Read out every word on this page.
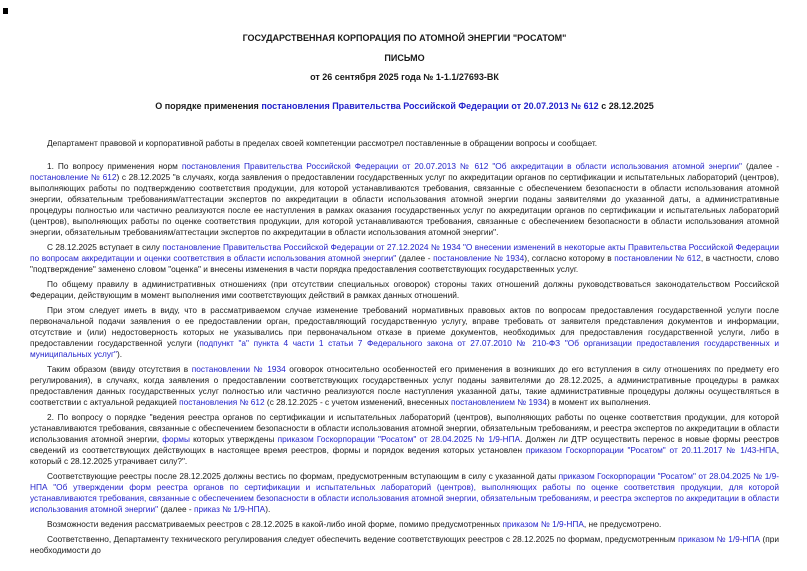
ГОСУДАРСТВЕННАЯ КОРПОРАЦИЯ ПО АТОМНОЙ ЭНЕРГИИ "РОСАТОМ"
ПИСЬМО
от 26 сентября 2025 года № 1-1.1/27693-ВК
О порядке применения постановления Правительства Российской Федерации от 20.07.2013 № 612 с 28.12.2025

Департамент правовой и корпоративной работы в пределах своей компетенции рассмотрел поставленные в обращении вопросы и сообщает.

1. По вопросу применения норм постановления Правительства Российской Федерации от 20.07.2013 № 612 "Об аккредитации в области использования атомной энергии" (далее - постановление № 612) с 28.12.2025 "в случаях, когда заявления о предоставлении государственных услуг по аккредитации органов по сертификации и испытательных лабораторий (центров), выполняющих работы по подтверждению соответствия продукции, для которой устанавливаются требования, связанные с обеспечением безопасности в области использования атомной энергии, обязательным требованиям/аттестации экспертов по аккредитации в области использования атомной энергии поданы заявителями до указанной даты, а административные процедуры полностью или частично реализуются после ее наступления в рамках оказания государственных услуг по аккредитации органов по сертификации и испытательных лабораторий (центров), выполняющих работы по оценке соответствия продукции, для которой устанавливаются требования, связанные с обеспечением безопасности в области использования атомной энергии, обязательным требованиям/аттестации экспертов по аккредитации в области использования атомной энергии".

С 28.12.2025 вступает в силу постановление Правительства Российской Федерации от 27.12.2024 № 1934 "О внесении изменений в некоторые акты Правительства Российской Федерации по вопросам аккредитации и оценки соответствия в области использования атомной энергии" (далее - постановление № 1934), согласно которому в постановлении № 612, в частности, слово "подтверждение" заменено словом "оценка" и внесены изменения в части порядка предоставления соответствующих государственных услуг.

По общему правилу в административных отношениях (при отсутствии специальных оговорок) стороны таких отношений должны руководствоваться законодательством Российской Федерации, действующим в момент выполнения ими соответствующих действий в рамках данных отношений.

При этом следует иметь в виду, что в рассматриваемом случае изменение требований нормативных правовых актов по вопросам предоставления государственной услуги после первоначальной подачи заявления о ее предоставлении орган, предоставляющий государственную услугу, вправе требовать от заявителя представления документов и информации, отсутствие и (или) недостоверность которых не указывались при первоначальном отказе в приеме документов, необходимых для предоставления государственной услуги, либо в предоставлении государственной услуги (подпункт "а" пункта 4 части 1 статьи 7 Федерального закона от 27.07.2010 № 210-ФЗ "Об организации предоставления государственных и муниципальных услуг").

Таким образом (ввиду отсутствия в постановлении № 1934 оговорок относительно особенностей его применения в возникших до его вступления в силу отношениях по предмету его регулирования), в случаях, когда заявления о предоставлении соответствующих государственных услуг поданы заявителями до 28.12.2025, а административные процедуры в рамках предоставления данных государственных услуг полностью или частично реализуются после наступления указанной даты, такие административные процедуры должны осуществляться в соответствии с актуальной редакцией постановления № 612 (с 28.12.2025 - с учетом изменений, внесенных постановлением № 1934) в момент их выполнения.

2. По вопросу о порядке "ведения реестра органов по сертификации и испытательных лабораторий (центров), выполняющих работы по оценке соответствия продукции, для которой устанавливаются требования, связанные с обеспечением безопасности в области использования атомной энергии, обязательным требованиям, и реестра экспертов по аккредитации в области использования атомной энергии, формы которых утверждены приказом Госкорпорации "Росатом" от 28.04.2025 № 1/9-НПА. Должен ли ДТР осуществить перенос в новые формы реестров сведений из соответствующих действующих в настоящее время реестров, формы и порядок ведения которых установлен приказом Госкорпорации "Росатом" от 20.11.2017 № 1/43-НПА, который с 28.12.2025 утрачивает силу?".

Соответствующие реестры после 28.12.2025 должны вестись по формам, предусмотренным вступающим в силу с указанной даты приказом Госкорпорации "Росатом" от 28.04.2025 № 1/9-НПА "Об утверждении форм реестра органов по сертификации и испытательных лабораторий (центров), выполняющих работы по оценке соответствия продукции, для которой устанавливаются требования, связанные с обеспечением безопасности в области использования атомной энергии, обязательным требованиям, и реестра экспертов по аккредитации в области использования атомной энергии" (далее - приказ № 1/9-НПА).

Возможности ведения рассматриваемых реестров с 28.12.2025 в какой-либо иной форме, помимо предусмотренных приказом № 1/9-НПА, не предусмотрено.

Соответственно, Департаменту технического регулирования следует обеспечить ведение соответствующих реестров с 28.12.2025 по формам, предусмотренным приказом № 1/9-НПА (при необходимости до
